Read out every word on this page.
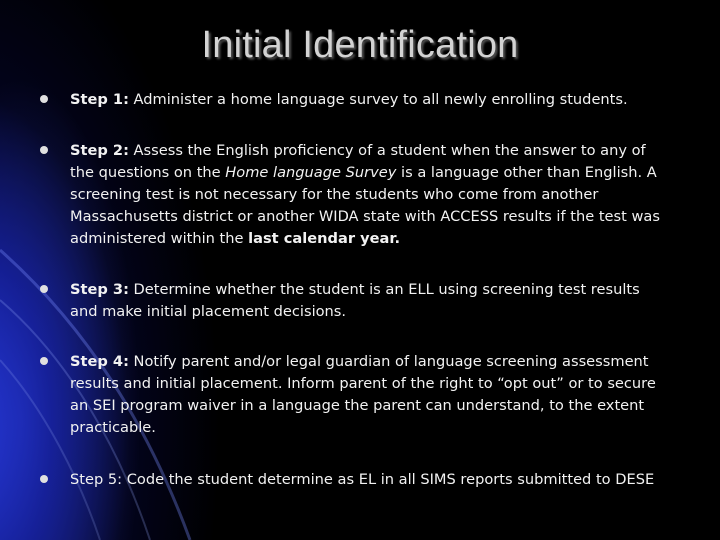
Initial Identification
Step 1: Administer a home language survey to all newly enrolling students.
Step 2: Assess the English proficiency of a student when the answer to any of the questions on the Home language Survey is a language other than English. A screening test is not necessary for the students who come from another Massachusetts district or another WIDA state with ACCESS results if the test was administered within the last calendar year.
Step 3: Determine whether the student is an ELL using screening test results and make initial placement decisions.
Step 4: Notify parent and/or legal guardian of language screening assessment results and initial placement. Inform parent of the right to “opt out” or to secure an SEI program waiver in a language the parent can understand, to the extent practicable.
Step 5: Code the student determine as EL in all SIMS reports submitted to DESE
